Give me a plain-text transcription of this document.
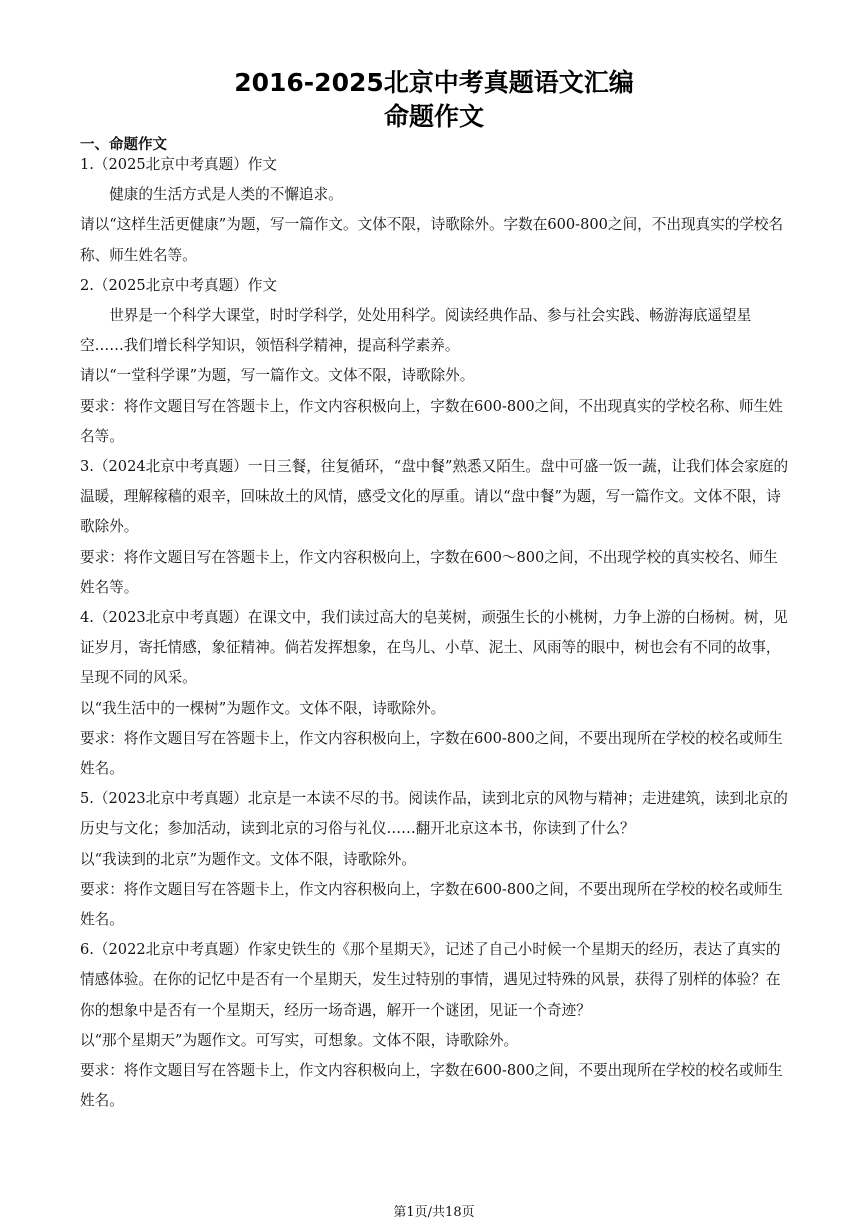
2016-2025北京中考真题语文汇编
命题作文
一、命题作文

1.（2025北京中考真题）作文

健康的生活方式是人类的不懈追求。

请以“这样生活更健康”为题，写一篇作文。文体不限，诗歌除外。字数在600-800之间，不出现真实的学校名称、师生姓名等。

2.（2025北京中考真题）作文

世界是一个科学大课堂，时时学科学，处处用科学。阅读经典作品、参与社会实践、畅游海底遥望星空……我们增长科学知识，领悟科学精神，提高科学素养。

请以“一堂科学课”为题，写一篇作文。文体不限，诗歌除外。

要求：将作文题目写在答题卡上，作文内容积极向上，字数在600-800之间，不出现真实的学校名称、师生姓名等。

3.（2024北京中考真题）一日三餐，往复循环，“盘中餐”熟悉又陌生。盘中可盛一饭一蔬，让我们体会家庭的温暖，理解稼穑的艰辛，回味故土的风情，感受文化的厚重。请以“盘中餐”为题，写一篇作文。文体不限，诗歌除外。

要求：将作文题目写在答题卡上，作文内容积极向上，字数在600～800之间，不出现学校的真实校名、师生姓名等。

4.（2023北京中考真题）在课文中，我们读过高大的皂荚树，顽强生长的小桃树，力争上游的白杨树。树，见证岁月，寄托情感，象征精神。倘若发挥想象，在鸟儿、小草、泥土、风雨等的眼中，树也会有不同的故事，呈现不同的风采。

以“我生活中的一棵树”为题作文。文体不限，诗歌除外。

要求：将作文题目写在答题卡上，作文内容积极向上，字数在600-800之间，不要出现所在学校的校名或师生姓名。

5.（2023北京中考真题）北京是一本读不尽的书。阅读作品，读到北京的风物与精神；走进建筑，读到北京的历史与文化；参加活动，读到北京的习俗与礼仪……翻开北京这本书，你读到了什么？

以“我读到的北京”为题作文。文体不限，诗歌除外。

要求：将作文题目写在答题卡上，作文内容积极向上，字数在600-800之间，不要出现所在学校的校名或师生姓名。

6.（2022北京中考真题）作家史铁生的《那个星期天》，记述了自己小时候一个星期天的经历，表达了真实的情感体验。在你的记忆中是否有一个星期天，发生过特别的事情，遇见过特殊的风景，获得了别样的体验？在你的想象中是否有一个星期天，经历一场奇遇，解开一个谜团，见证一个奇迹？

以“那个星期天”为题作文。可写实，可想象。文体不限，诗歌除外。

要求：将作文题目写在答题卡上，作文内容积极向上，字数在600-800之间，不要出现所在学校的校名或师生姓名。

第1页/共18页
